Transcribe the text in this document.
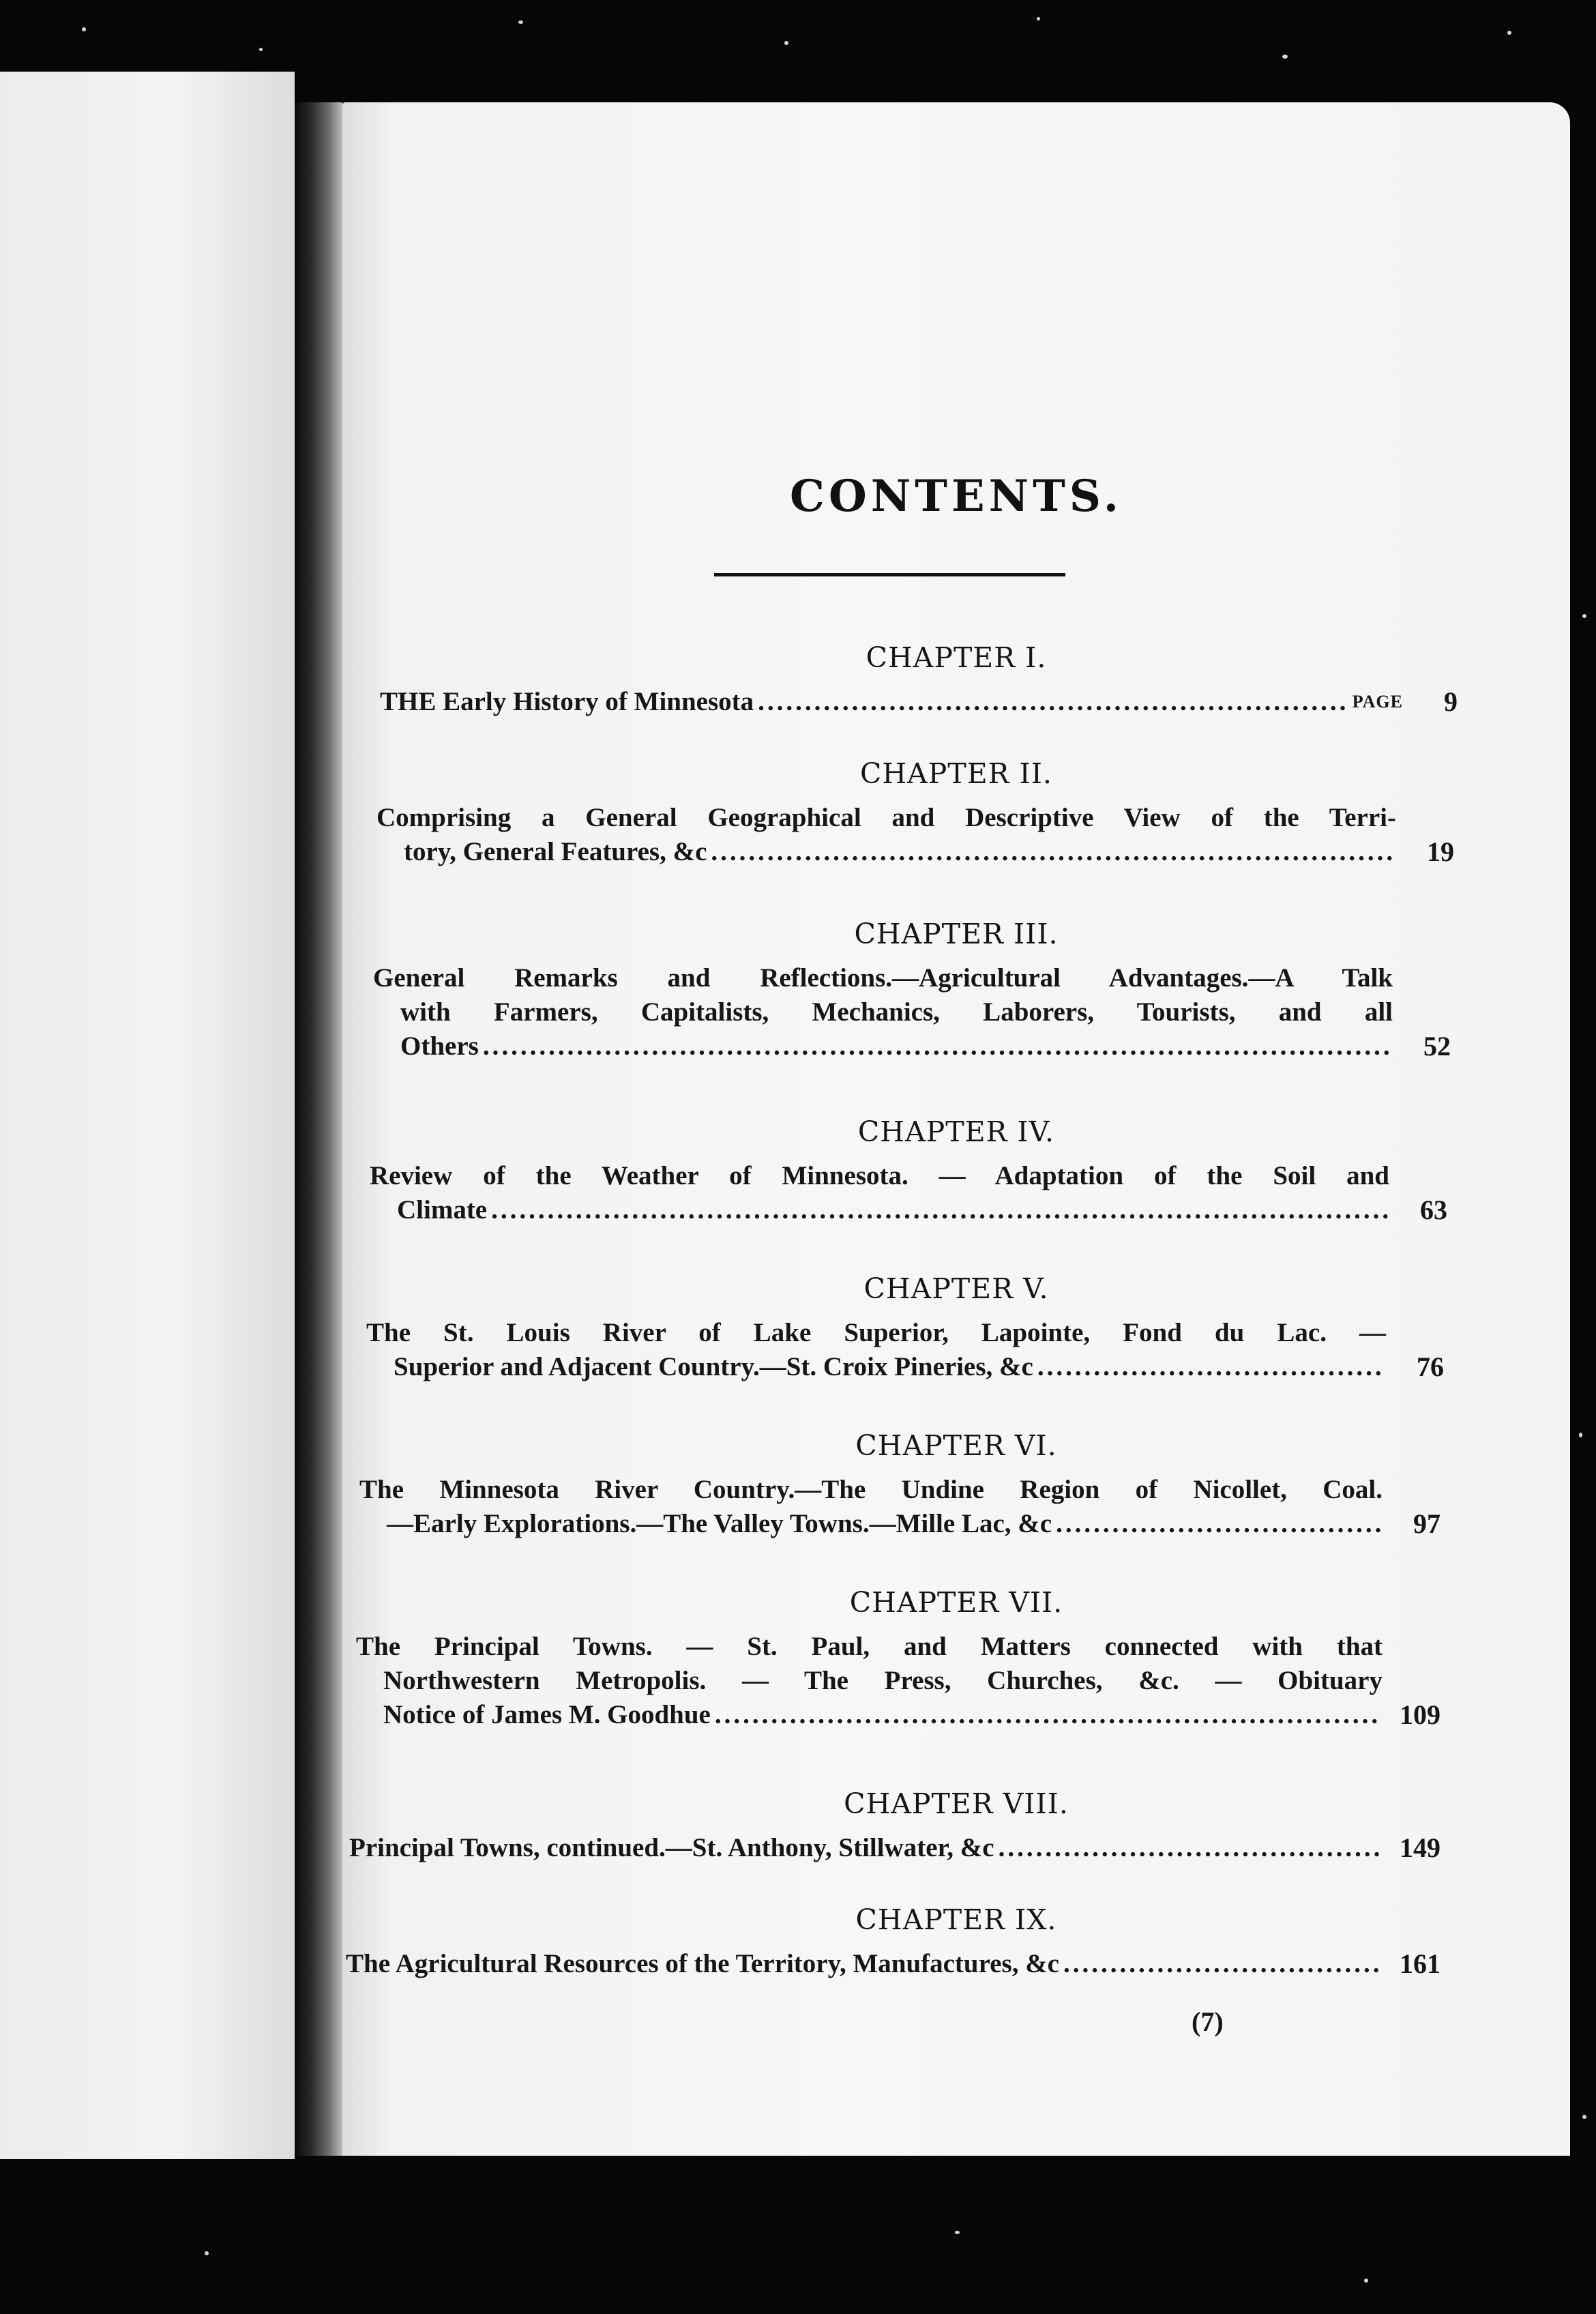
CONTENTS.
CHAPTER I.
THE Early History of Minnesota .....	PAGE	9
CHAPTER II.
Comprising a General Geographical and Descriptive View of the Terri-
tory, General Features, &c .....	19
CHAPTER III.
General Remarks and Reflections.—Agricultural Advantages.—A Talk
with Farmers, Capitalists, Mechanics, Laborers, Tourists, and all
Others .....	52
CHAPTER IV.
Review of the Weather of Minnesota. — Adaptation of the Soil and
Climate .....	63
CHAPTER V.
The St. Louis River of Lake Superior, Lapointe, Fond du Lac. —
Superior and Adjacent Country.—St. Croix Pineries, &c .....	76
CHAPTER VI.
The Minnesota River Country.—The Undine Region of Nicollet, Coal.
—Early Explorations.—The Valley Towns.—Mille Lac, &c .....	97
CHAPTER VII.
The Principal Towns. — St. Paul, and Matters connected with that
Northwestern Metropolis. — The Press, Churches, &c. — Obituary
Notice of James M. Goodhue .....	109
CHAPTER VIII.
Principal Towns, continued.—St. Anthony, Stillwater, &c .....	149
CHAPTER IX.
The Agricultural Resources of the Territory, Manufactures, &c .....	161
(7)
